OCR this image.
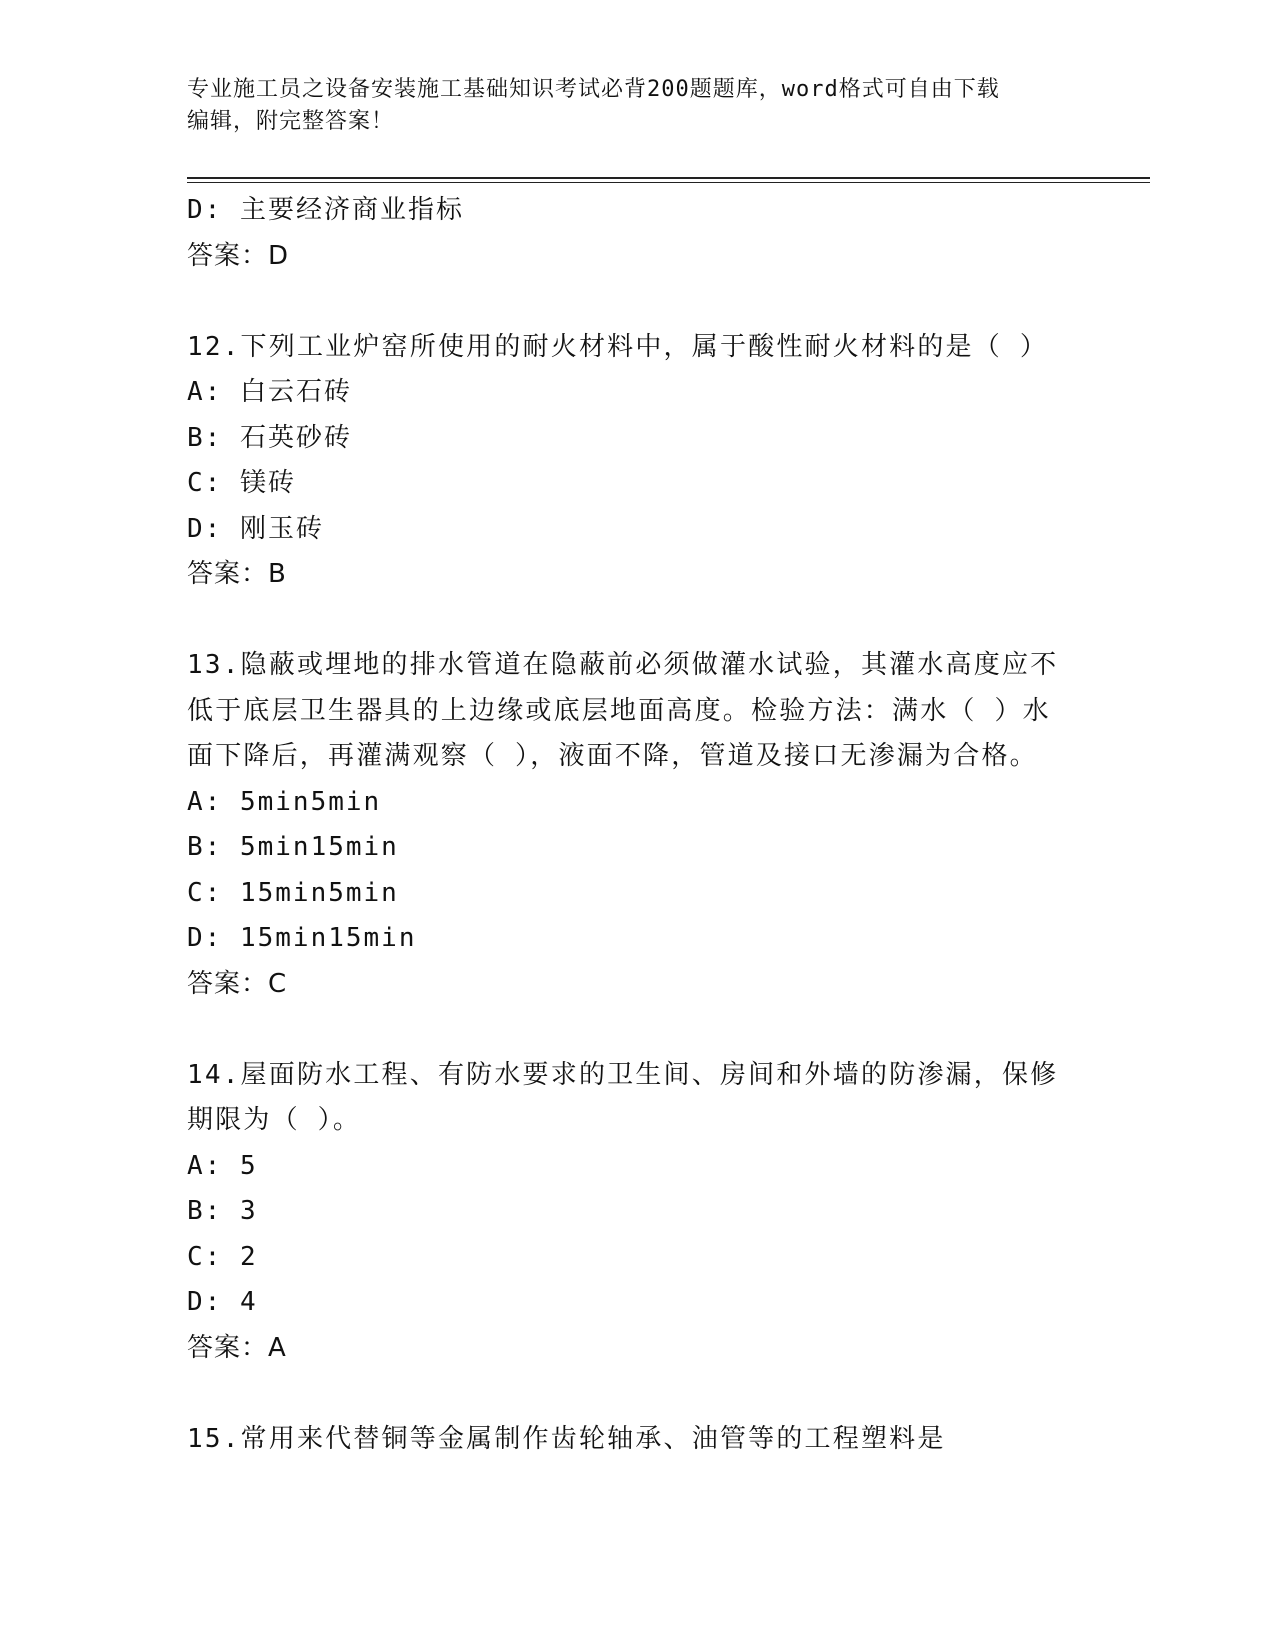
专业施工员之设备安装施工基础知识考试必背200题题库，word格式可自由下载
编辑，附完整答案！
D: 主要经济商业指标
答案：D
12.下列工业炉窑所使用的耐火材料中，属于酸性耐火材料的是（ ）
A: 白云石砖
B: 石英砂砖
C: 镁砖
D: 刚玉砖
答案：B
13.隐蔽或埋地的排水管道在隐蔽前必须做灌水试验，其灌水高度应不
低于底层卫生器具的上边缘或底层地面高度。检验方法：满水（ ）水
面下降后，再灌满观察（ ），液面不降，管道及接口无渗漏为合格。
A: 5min5min
B: 5min15min
C: 15min5min
D: 15min15min
答案：C
14.屋面防水工程、有防水要求的卫生间、房间和外墙的防渗漏，保修
期限为（ ）。
A: 5
B: 3
C: 2
D: 4
答案：A
15.常用来代替铜等金属制作齿轮轴承、油管等的工程塑料是
